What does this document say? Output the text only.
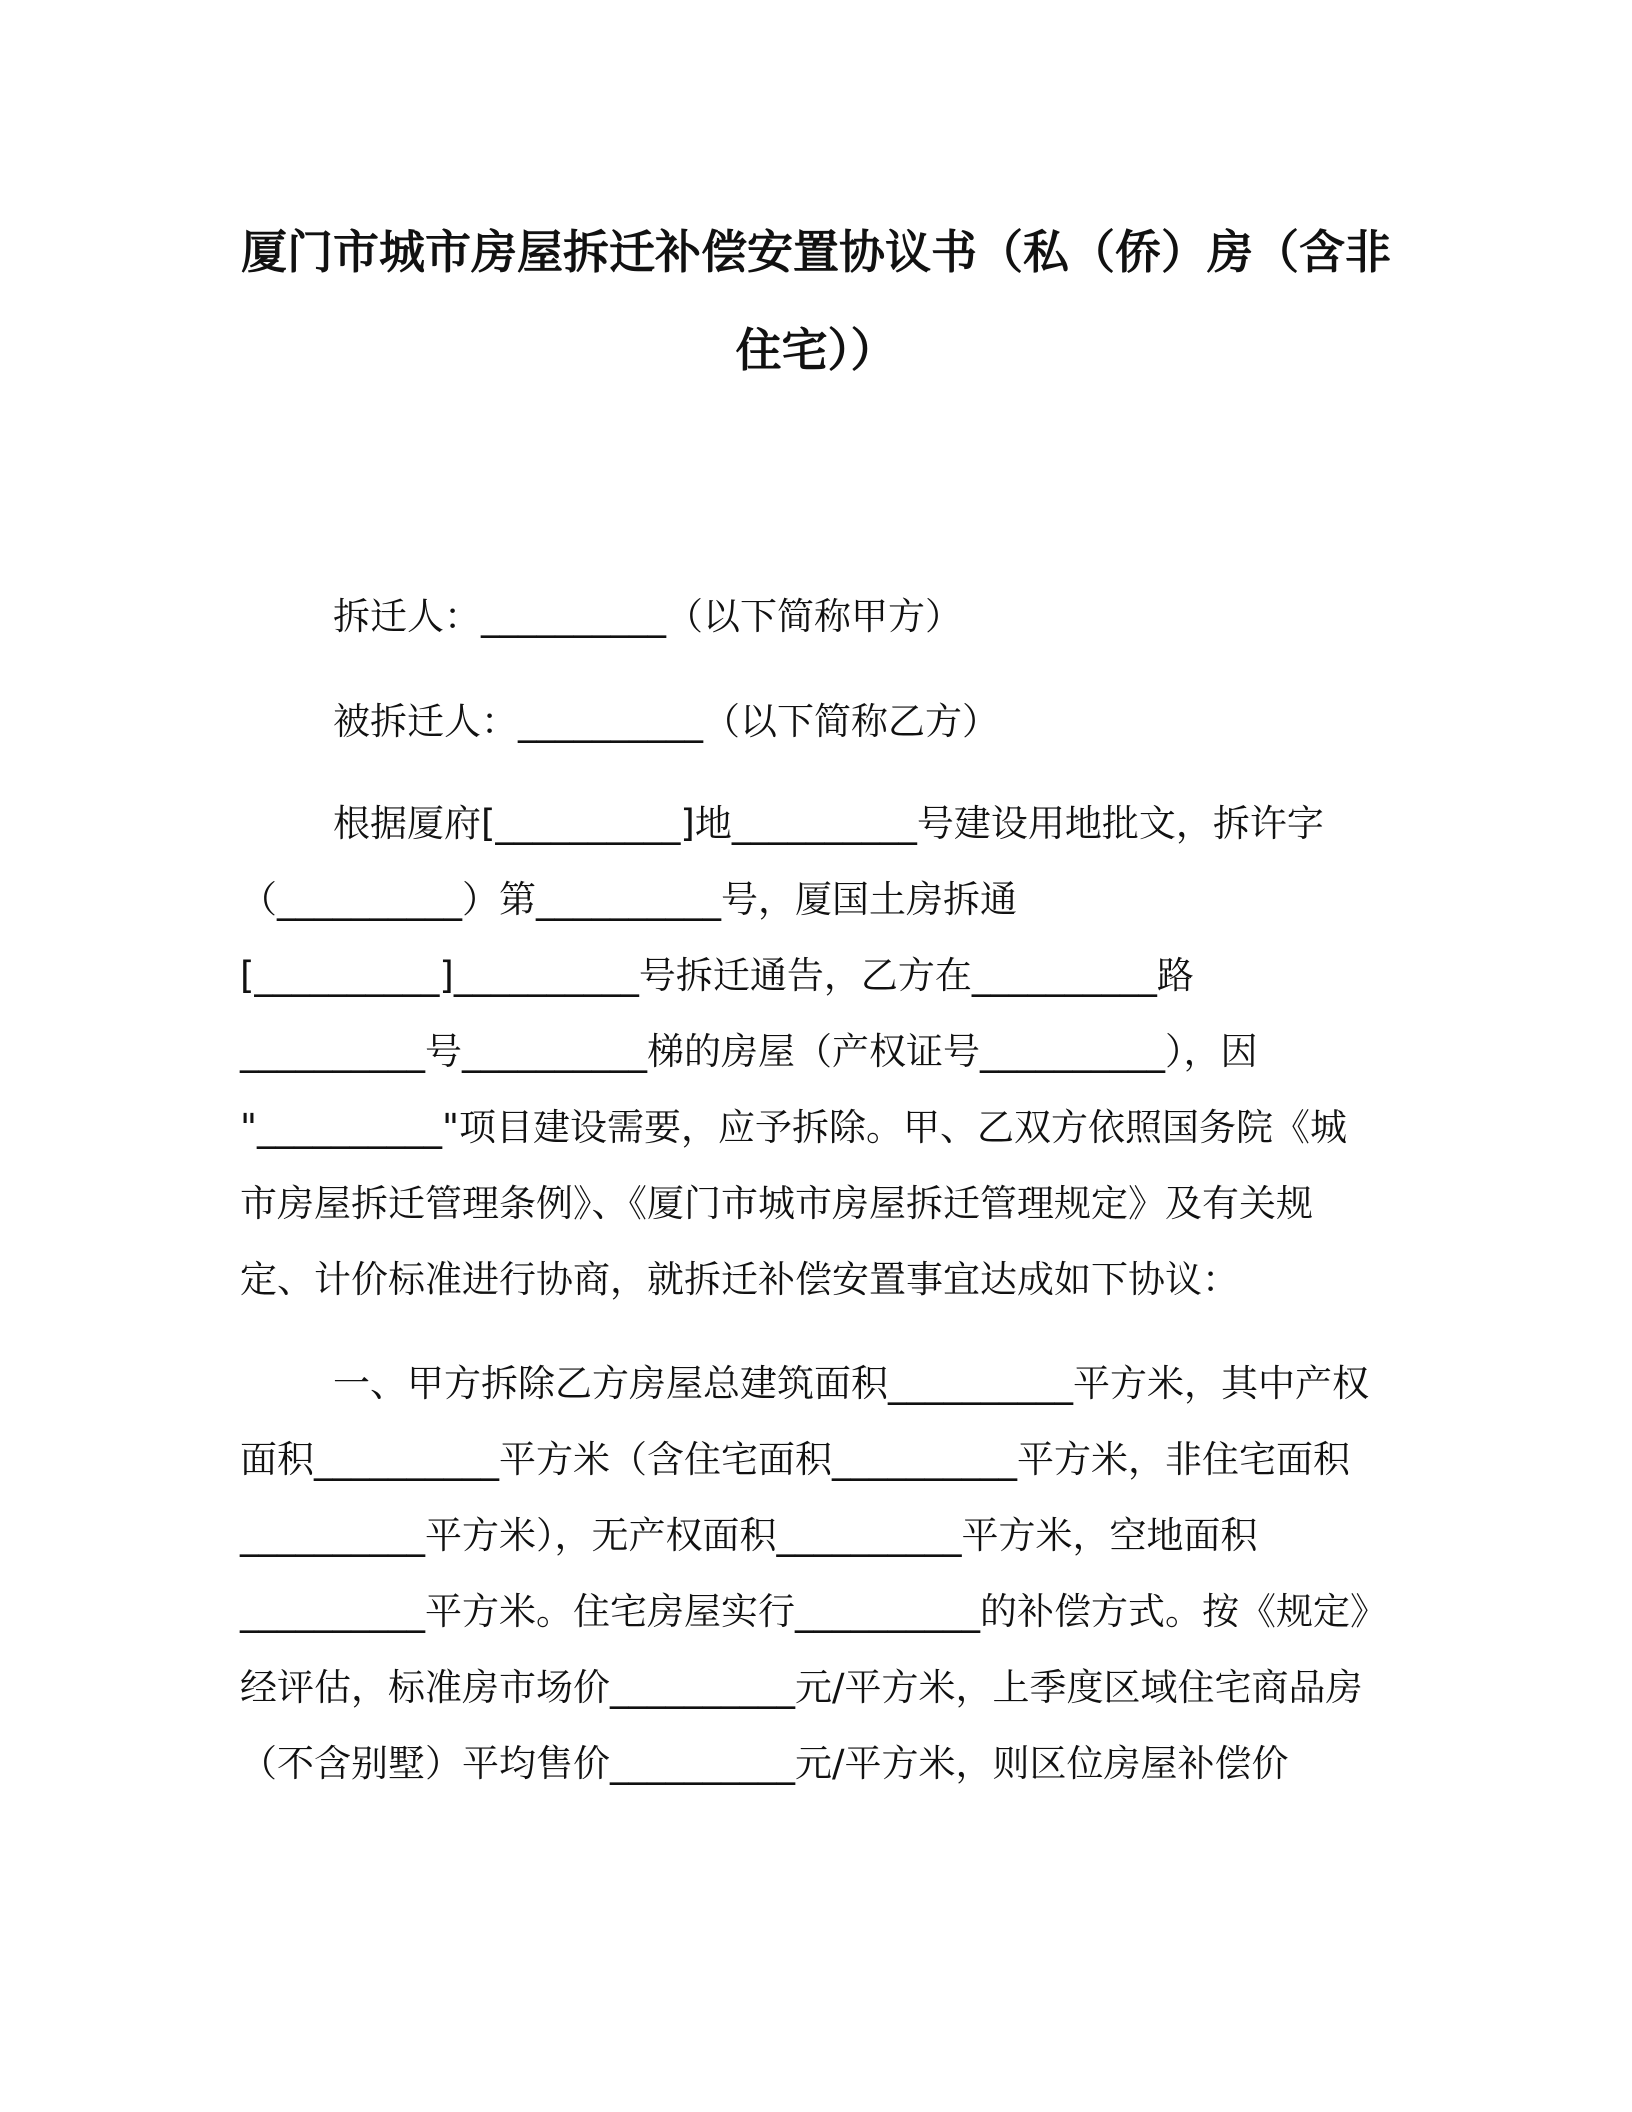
厦门市城市房屋拆迁补偿安置协议书（私（侨）房（含非
住宅））

拆迁人：__________（以下简称甲方）

被拆迁人：__________（以下简称乙方）

根据厦府[__________]地__________号建设用地批文，拆许字

（__________）第__________号，厦国土房拆通

[__________]__________号拆迁通告，乙方在__________路

__________号__________梯的房屋（产权证号__________），因

"__________"项目建设需要，应予拆除。甲、乙双方依照国务院《城

市房屋拆迁管理条例》、《厦门市城市房屋拆迁管理规定》及有关规

定、计价标准进行协商，就拆迁补偿安置事宜达成如下协议：

一、甲方拆除乙方房屋总建筑面积__________平方米，其中产权

面积__________平方米（含住宅面积__________平方米，非住宅面积

__________平方米），无产权面积__________平方米，空地面积

__________平方米。住宅房屋实行__________的补偿方式。按《规定》

经评估，标准房市场价__________元/平方米，上季度区域住宅商品房

（不含别墅）平均售价__________元/平方米，则区位房屋补偿价
